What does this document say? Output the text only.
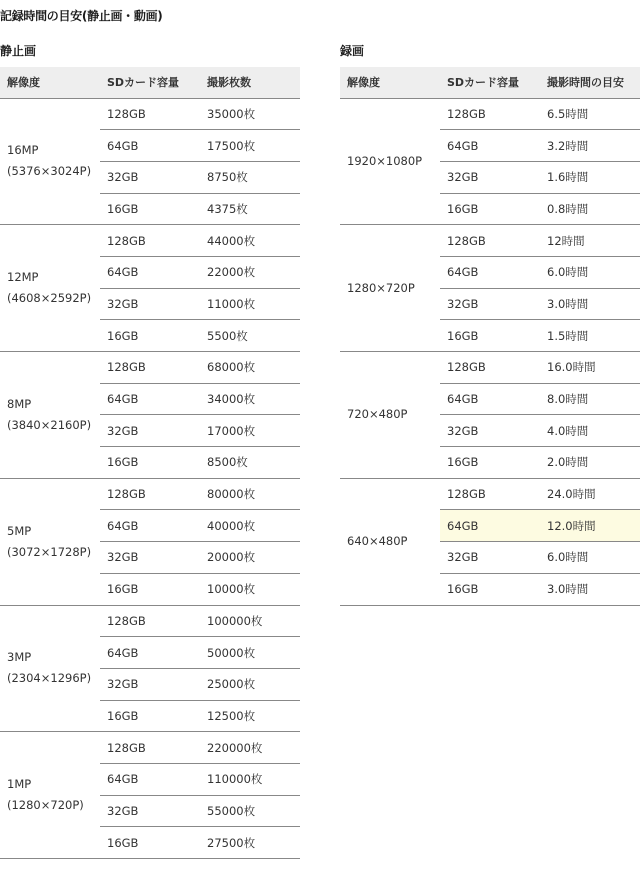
記録時間の目安(静止画・動画)
静止画	録画
解像度	SDカード容量	撮影枚数

16MP
(5376×3024P)	128GB	35000枚
	64GB	17500枚
	32GB	8750枚
	16GB	4375枚

12MP
(4608×2592P)	128GB	44000枚
	64GB	22000枚
	32GB	11000枚
	16GB	5500枚

8MP
(3840×2160P)	128GB	68000枚
	64GB	34000枚
	32GB	17000枚
	16GB	8500枚

5MP
(3072×1728P)	128GB	80000枚
	64GB	40000枚
	32GB	20000枚
	16GB	10000枚

3MP
(2304×1296P)	128GB	100000枚
	64GB	50000枚
	32GB	25000枚
	16GB	12500枚

1MP
(1280×720P)	128GB	220000枚
	64GB	110000枚
	32GB	55000枚
	16GB	27500枚
解像度	SDカード容量	撮影時間の目安

1920×1080P	128GB	6.5時間
	64GB	3.2時間
	32GB	1.6時間
	16GB	0.8時間

1280×720P	128GB	12時間
	64GB	6.0時間
	32GB	3.0時間
	16GB	1.5時間

720×480P	128GB	16.0時間
	64GB	8.0時間
	32GB	4.0時間
	16GB	2.0時間

640×480P	128GB	24.0時間
	64GB	12.0時間
	32GB	6.0時間
	16GB	3.0時間
